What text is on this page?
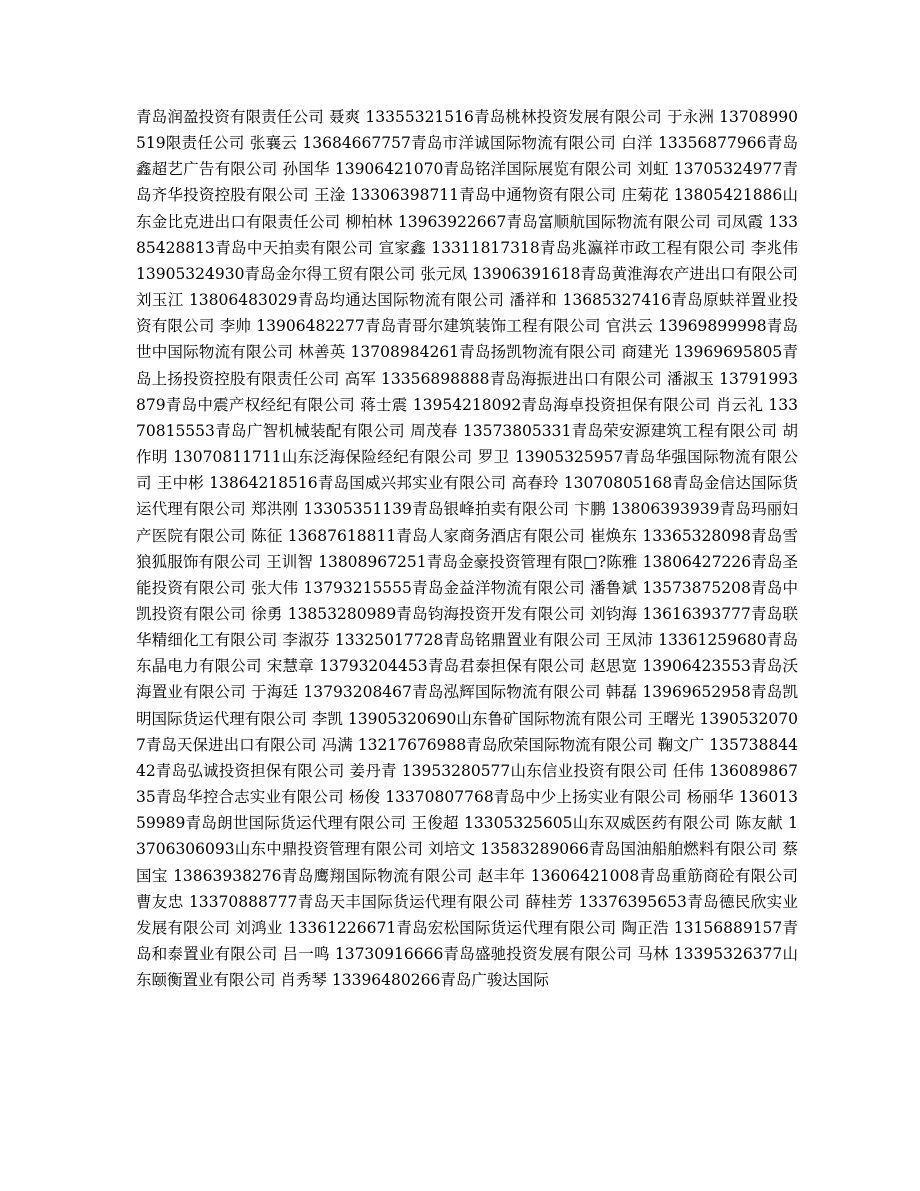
青岛润盈投资有限责任公司 聂爽 13355321516青岛桃林投资发展有限公司 于永洲 13708990519限责任公司 张襄云 13684667757青岛市洋诚国际物流有限公司 白洋 13356877966青岛鑫超艺广告有限公司 孙国华 13906421070青岛铭洋国际展览有限公司 刘虹 13705324977青岛齐华投资控股有限公司 王淦 13306398711青岛中通物资有限公司 庄菊花 13805421886山东金比克进出口有限责任公司 柳柏林 13963922667青岛富顺航国际物流有限公司 司凤霞 13385428813青岛中天拍卖有限公司 宣家鑫 13311817318青岛兆瀛祥市政工程有限公司 李兆伟 13905324930青岛金尔得工贸有限公司 张元凤 13906391618青岛黄淮海农产进出口有限公司 刘玉江 13806483029青岛均通达国际物流有限公司 潘祥和 13685327416青岛原蚨祥置业投资有限公司 李帅 13906482277青岛青哥尔建筑装饰工程有限公司 官洪云 13969899998青岛世中国际物流有限公司 林善英 13708984261青岛扬凯物流有限公司 商建光 13969695805青岛上扬投资控股有限责任公司 高军 13356898888青岛海振进出口有限公司 潘淑玉 13791993879青岛中震产权经纪有限公司 蒋士震 13954218092青岛海卓投资担保有限公司 肖云礼 13370815553青岛广智机械装配有限公司 周茂春 13573805331青岛荣安源建筑工程有限公司 胡作明 13070811711山东泛海保险经纪有限公司 罗卫 13905325957青岛华强国际物流有限公司 王中彬 13864218516青岛国威兴邦实业有限公司 高春玲 13070805168青岛金信达国际货运代理有限公司 郑洪刚 13305351139青岛银峰拍卖有限公司 卞鹏 13806393939青岛玛丽妇产医院有限公司 陈征 13687618811青岛人家商务酒店有限公司 崔焕东 13365328098青岛雪狼狐服饰有限公司 王训智 13808967251青岛金豪投资管理有限□?陈雅 13806427226青岛圣能投资有限公司 张大伟 13793215555青岛金益洋物流有限公司 潘鲁斌 13573875208青岛中凯投资有限公司 徐勇 13853280989青岛钧海投资开发有限公司 刘钧海 13616393777青岛联华精细化工有限公司 李淑芬 13325017728青岛铭鼎置业有限公司 王凤沛 13361259680青岛东晶电力有限公司 宋慧章 13793204453青岛君泰担保有限公司 赵思宽 13906423553青岛沃海置业有限公司 于海廷 13793208467青岛泓辉国际物流有限公司 韩磊 13969652958青岛凯明国际货运代理有限公司 李凯 13905320690山东鲁矿国际物流有限公司 王曙光 13905320707青岛天保进出口有限公司 冯满 13217676988青岛欣荣国际物流有限公司 鞠文广 13573884442青岛弘诚投资担保有限公司 姜丹青 13953280577山东信业投资有限公司 任伟 13608986735青岛华控合志实业有限公司 杨俊 13370807768青岛中少上扬实业有限公司 杨丽华 13601359989青岛朗世国际货运代理有限公司 王俊超 13305325605山东双威医药有限公司 陈友献 13706306093山东中鼎投资管理有限公司 刘培文 13583289066青岛国油船舶燃料有限公司 蔡国宝 13863938276青岛鹰翔国际物流有限公司 赵丰年 13606421008青岛重筋商砼有限公司 曹友忠 13370888777青岛天丰国际货运代理有限公司 薛桂芳 13376395653青岛德民欣实业发展有限公司 刘鸿业 13361226671青岛宏松国际货运代理有限公司 陶正浩 13156889157青岛和泰置业有限公司 吕一鸣 13730916666青岛盛驰投资发展有限公司 马林 13395326377山东颐衡置业有限公司 肖秀琴 13396480266青岛广骏达国际
